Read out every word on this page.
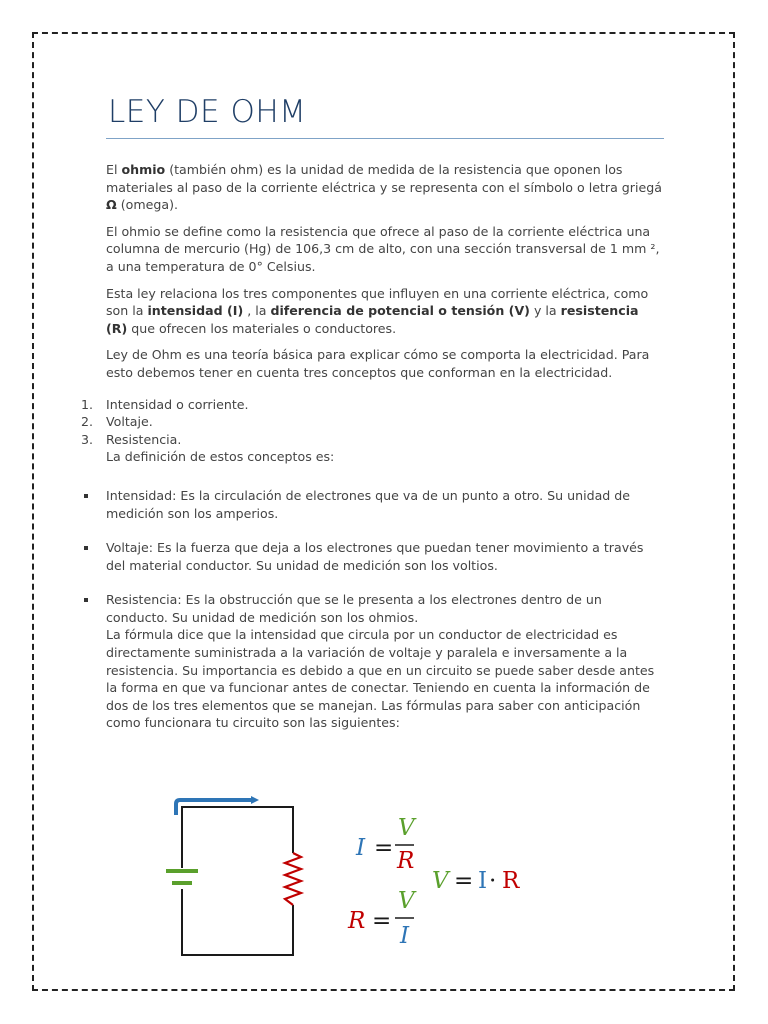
LEY DE OHM

El ohmio (también ohm) es la unidad de medida de la resistencia que oponen los materiales al paso de la corriente eléctrica y se representa con el símbolo o letra griegá Ω (omega).

El ohmio se define como la resistencia que ofrece al paso de la corriente eléctrica una columna de mercurio (Hg) de 106,3 cm de alto, con una sección transversal de 1 mm ², a una temperatura de 0° Celsius.

Esta ley relaciona los tres componentes que influyen en una corriente eléctrica, como son la intensidad (I) , la diferencia de potencial o tensión (V) y la resistencia (R) que ofrecen los materiales o conductores.

Ley de Ohm es una teoría básica para explicar cómo se comporta la electricidad. Para esto debemos tener en cuenta tres conceptos que conforman en la electricidad.

1. Intensidad o corriente.
2. Voltaje.
3. Resistencia.
La definición de estos conceptos es:
Intensidad: Es la circulación de electrones que va de un punto a otro. Su unidad de medición son los amperios.
Voltaje: Es la fuerza que deja a los electrones que puedan tener movimiento a través del material conductor. Su unidad de medición son los voltios.
Resistencia: Es la obstrucción que se le presenta a los electrones dentro de un conducto. Su unidad de medición son los ohmios.
La fórmula dice que la intensidad que circula por un conductor de electricidad es directamente suministrada a la variación de voltaje y paralela e inversamente a la resistencia. Su importancia es debido a que en un circuito se puede saber desde antes la forma en que va funcionar antes de conectar. Teniendo en cuenta la información de dos de los tres elementos que se manejan. Las fórmulas para saber con anticipación como funcionara tu circuito son las siguientes:
I =
V
R
V = I · R
R =
V
I
